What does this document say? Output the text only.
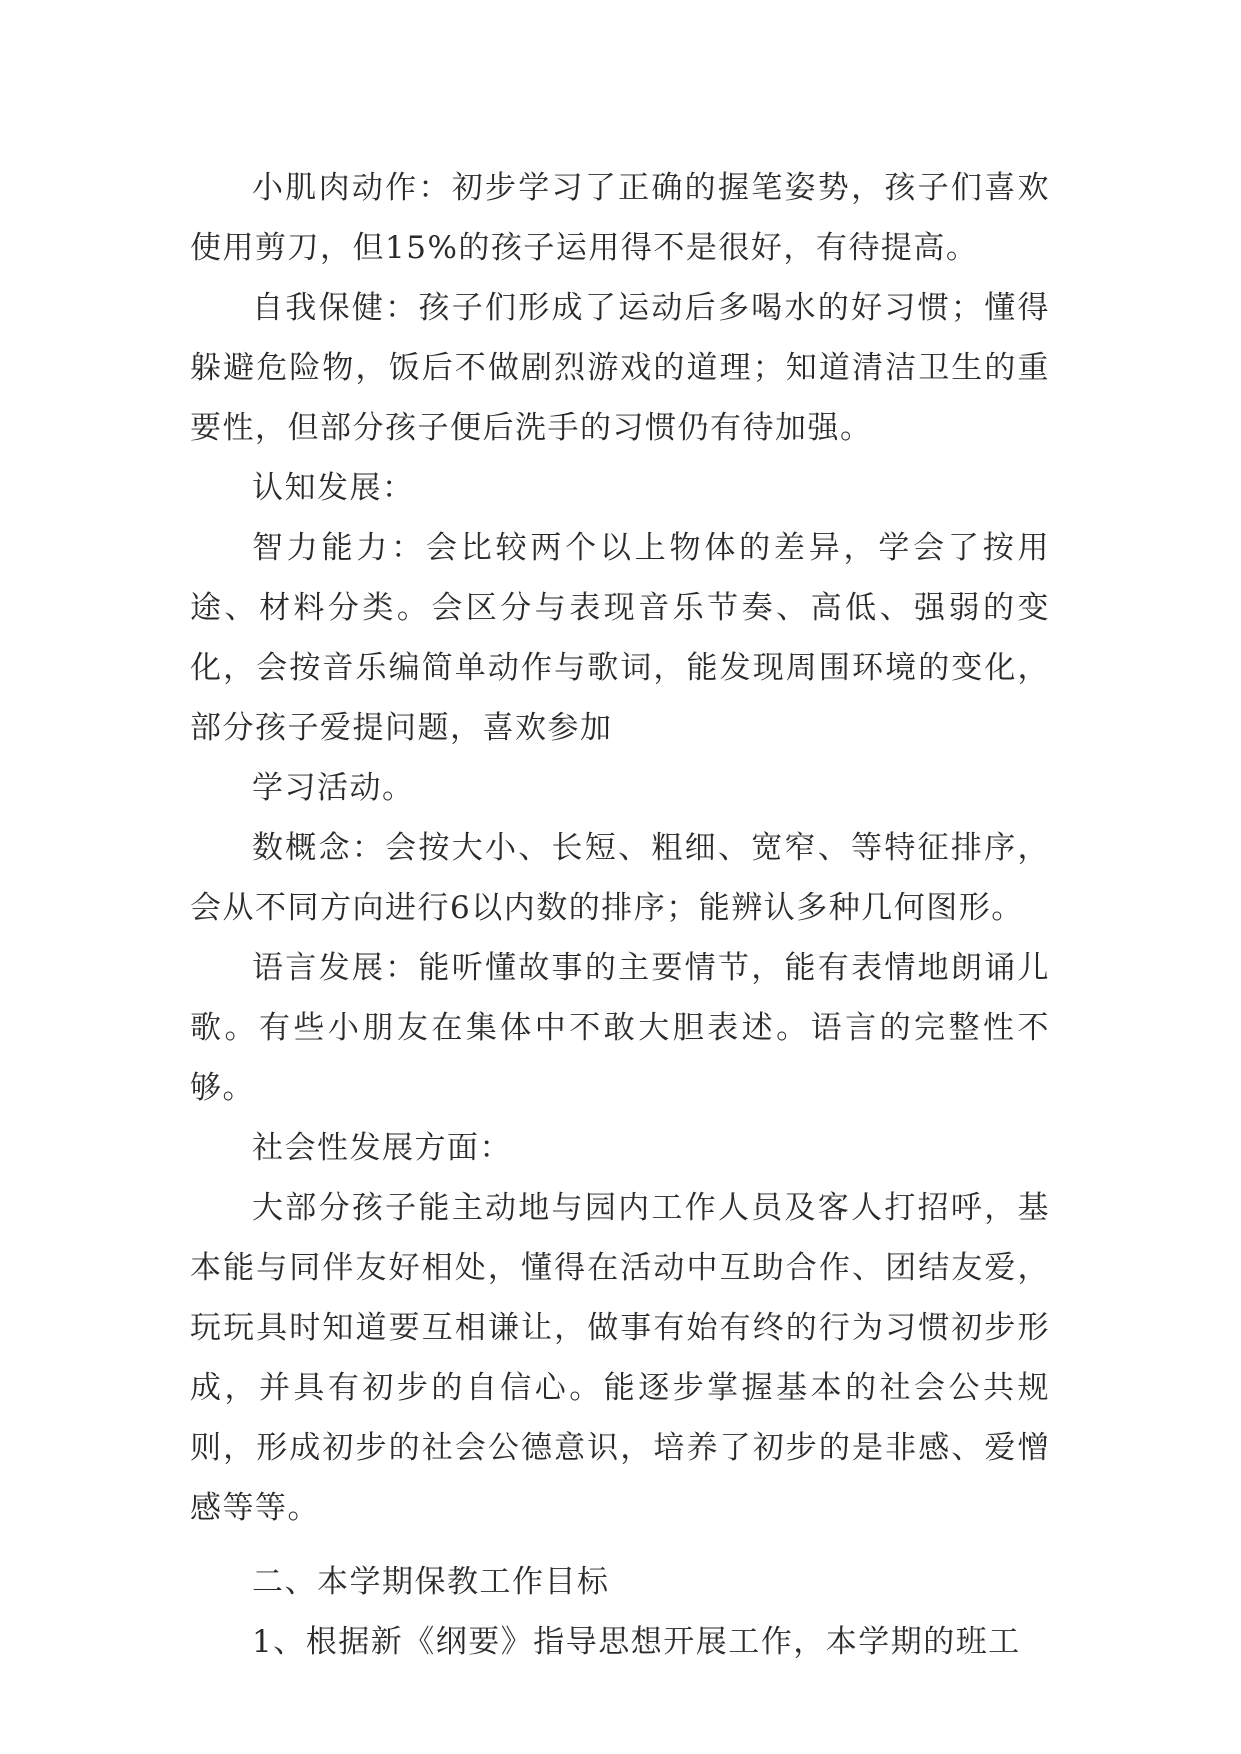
小肌肉动作：初步学习了正确的握笔姿势，孩子们喜欢使用剪刀，但15%的孩子运用得不是很好，有待提高。

自我保健：孩子们形成了运动后多喝水的好习惯；懂得躲避危险物，饭后不做剧烈游戏的道理；知道清洁卫生的重要性，但部分孩子便后洗手的习惯仍有待加强。

认知发展：

智力能力：会比较两个以上物体的差异，学会了按用途、材料分类。会区分与表现音乐节奏、高低、强弱的变化，会按音乐编简单动作与歌词，能发现周围环境的变化，部分孩子爱提问题，喜欢参加

学习活动。

数概念：会按大小、长短、粗细、宽窄、等特征排序，会从不同方向进行6以内数的排序；能辨认多种几何图形。

语言发展：能听懂故事的主要情节，能有表情地朗诵儿歌。有些小朋友在集体中不敢大胆表述。语言的完整性不够。

社会性发展方面：

大部分孩子能主动地与园内工作人员及客人打招呼，基本能与同伴友好相处，懂得在活动中互助合作、团结友爱，玩玩具时知道要互相谦让，做事有始有终的行为习惯初步形成，并具有初步的自信心。能逐步掌握基本的社会公共规则，形成初步的社会公德意识，培养了初步的是非感、爱憎感等等。

二、本学期保教工作目标

1、根据新《纲要》指导思想开展工作，本学期的班工
